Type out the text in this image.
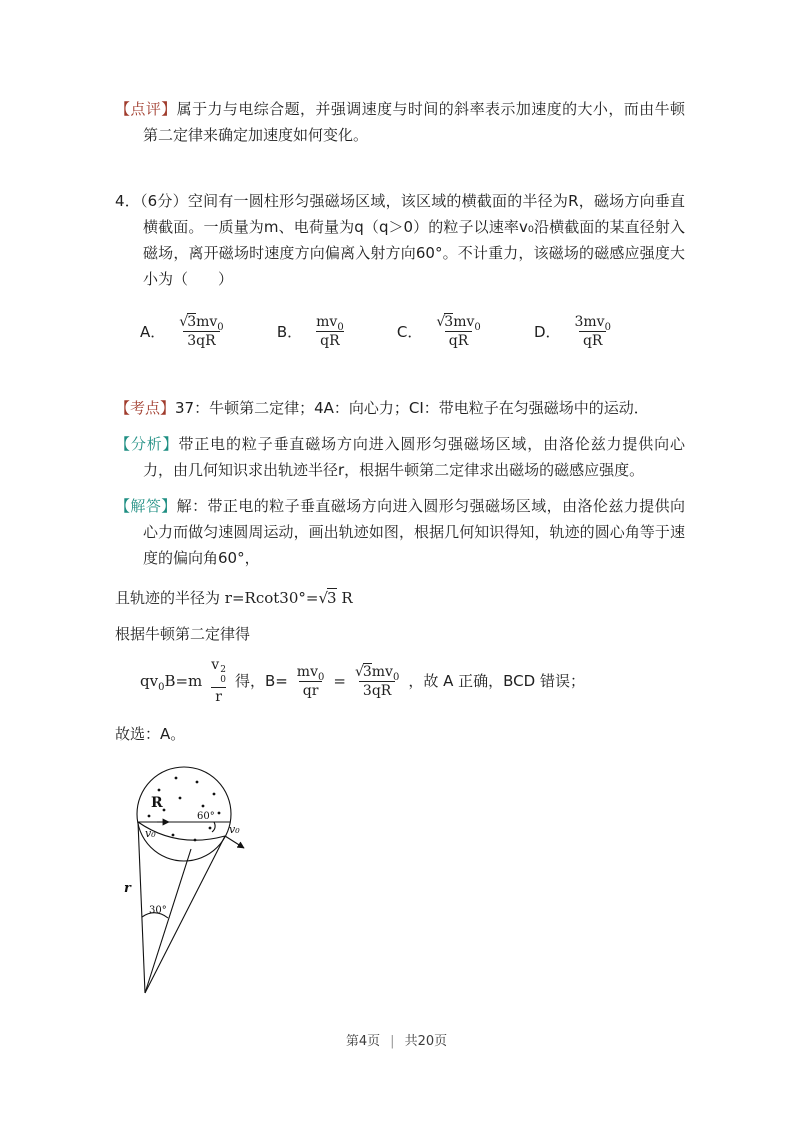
【点评】属于力与电综合题，并强调速度与时间的斜率表示加速度的大小，而由牛顿第二定律来确定加速度如何变化。

4．（6分）空间有一圆柱形匀强磁场区域，该区域的横截面的半径为R，磁场方向垂直横截面。一质量为m、电荷量为q（q＞0）的粒子以速率v₀沿横截面的某直径射入磁场，离开磁场时速度方向偏离入射方向60°。不计重力，该磁场的磁感应强度大小为（　　）

A． $\frac{√3mv_0}{3qR}$	B． $\frac{mv_0}{qR}$	C． $\frac{√3mv_0}{qR}$	D． $\frac{3mv_0}{qR}$

【考点】37：牛顿第二定律；4A：向心力；CI：带电粒子在匀强磁场中的运动．

【分析】带正电的粒子垂直磁场方向进入圆形匀强磁场区域，由洛伦兹力提供向心力，由几何知识求出轨迹半径r，根据牛顿第二定律求出磁场的磁感应强度。

【解答】解：带正电的粒子垂直磁场方向进入圆形匀强磁场区域，由洛伦兹力提供向心力而做匀速圆周运动，画出轨迹如图，根据几何知识得知，轨迹的圆心角等于速度的偏向角60°，

且轨迹的半径为 r=Rcot30°=√3 R

根据牛顿第二定律得

$qv_0B=m$ v 2
0
r 得，$B= \frac{mv_0}{qr} = \frac{√3mv_0}{3qR}$ ，故 A 正确，BCD 错误；

故选：A。

R
v₀	v₀
60°
r
30°
第4页 | 共20页
